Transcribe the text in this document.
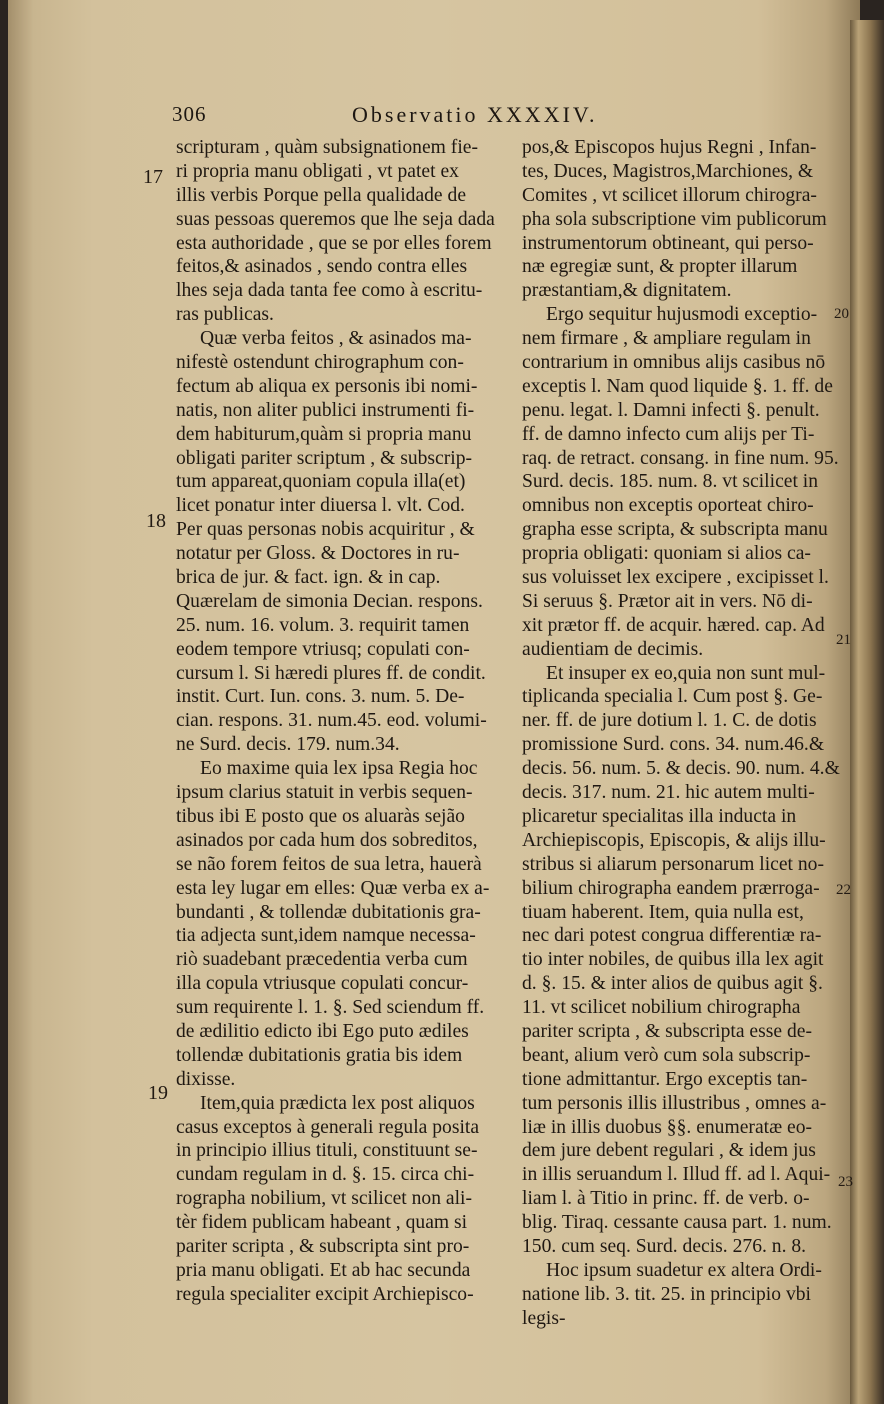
306	Observatio XXXXIV.
17
18
19
20
21
22
23
scripturam , quàm subsignationem fie-
ri propria manu obligati , vt patet ex
illis verbis Porque pella qualidade de
suas pessoas queremos que lhe seja dada
esta authoridade , que se por elles forem
feitos,& asinados , sendo contra elles
lhes seja dada tanta fee como à escritu-
ras publicas.
Quæ verba feitos , & asinados ma-
nifestè ostendunt chirographum con-
fectum ab aliqua ex personis ibi nomi-
natis, non aliter publici instrumenti fi-
dem habiturum,quàm si propria manu
obligati pariter scriptum , & subscrip-
tum appareat,quoniam copula illa(et)
licet ponatur inter diuersa l. vlt. Cod.
Per quas personas nobis acquiritur , &
notatur per Gloss. & Doctores in ru-
brica de jur. & fact. ign. & in cap.
Quærelam de simonia Decian. respons.
25. num. 16. volum. 3. requirit tamen
eodem tempore vtriusq; copulati con-
cursum l. Si hæredi plures ff. de condit.
instit. Curt. Iun. cons. 3. num. 5. De-
cian. respons. 31. num.45. eod. volumi-
ne Surd. decis. 179. num.34.
Eo maxime quia lex ipsa Regia hoc
ipsum clarius statuit in verbis sequen-
tibus ibi E posto que os aluaràs sejão
asinados por cada hum dos sobreditos,
se não forem feitos de sua letra, hauerà
esta ley lugar em elles: Quæ verba ex a-
bundanti , & tollendæ dubitationis gra-
tia adjecta sunt,idem namque necessa-
riò suadebant præcedentia verba cum
illa copula vtriusque copulati concur-
sum requirente l. 1. §. Sed sciendum ff.
de ædilitio edicto ibi Ego puto ædiles
tollendæ dubitationis gratia bis idem
dixisse.
Item,quia prædicta lex post aliquos
casus exceptos à generali regula posita
in principio illius tituli, constituunt se-
cundam regulam in d. §. 15. circa chi-
rographa nobilium, vt scilicet non ali-
tèr fidem publicam habeant , quam si
pariter scripta , & subscripta sint pro-
pria manu obligati. Et ab hac secunda
regula specialiter excipit Archiepisco-
pos,& Episcopos hujus Regni , Infan-
tes, Duces, Magistros,Marchiones, &
Comites , vt scilicet illorum chirogra-
pha sola subscriptione vim publicorum
instrumentorum obtineant, qui perso-
næ egregiæ sunt, & propter illarum
præstantiam,& dignitatem.
Ergo sequitur hujusmodi exceptio-
nem firmare , & ampliare regulam in
contrarium in omnibus alijs casibus nō
exceptis l. Nam quod liquide §. 1. ff. de
penu. legat. l. Damni infecti §. penult.
ff. de damno infecto cum alijs per Ti-
raq. de retract. consang. in fine num. 95.
Surd. decis. 185. num. 8. vt scilicet in
omnibus non exceptis oporteat chiro-
grapha esse scripta, & subscripta manu
propria obligati: quoniam si alios ca-
sus voluisset lex excipere , excipisset l.
Si seruus §. Prætor ait in vers. Nō di-
xit prætor ff. de acquir. hæred. cap. Ad
audientiam de decimis.
Et insuper ex eo,quia non sunt mul-
tiplicanda specialia l. Cum post §. Ge-
ner. ff. de jure dotium l. 1. C. de dotis
promissione Surd. cons. 34. num.46.&
decis. 56. num. 5. & decis. 90. num. 4.&
decis. 317. num. 21. hic autem multi-
plicaretur specialitas illa inducta in
Archiepiscopis, Episcopis, & alijs illu-
stribus si aliarum personarum licet no-
bilium chirographa eandem prærroga-
tiuam haberent. Item, quia nulla est,
nec dari potest congrua differentiæ ra-
tio inter nobiles, de quibus illa lex agit
d. §. 15. & inter alios de quibus agit §.
11. vt scilicet nobilium chirographa
pariter scripta , & subscripta esse de-
beant, alium verò cum sola subscrip-
tione admittantur. Ergo exceptis tan-
tum personis illis illustribus , omnes a-
liæ in illis duobus §§. enumeratæ eo-
dem jure debent regulari , & idem jus
in illis seruandum l. Illud ff. ad l. Aqui-
liam l. à Titio in princ. ff. de verb. o-
blig. Tiraq. cessante causa part. 1. num.
150. cum seq. Surd. decis. 276. n. 8.
Hoc ipsum suadetur ex altera Ordi-
natione lib. 3. tit. 25. in principio vbi
legis-
